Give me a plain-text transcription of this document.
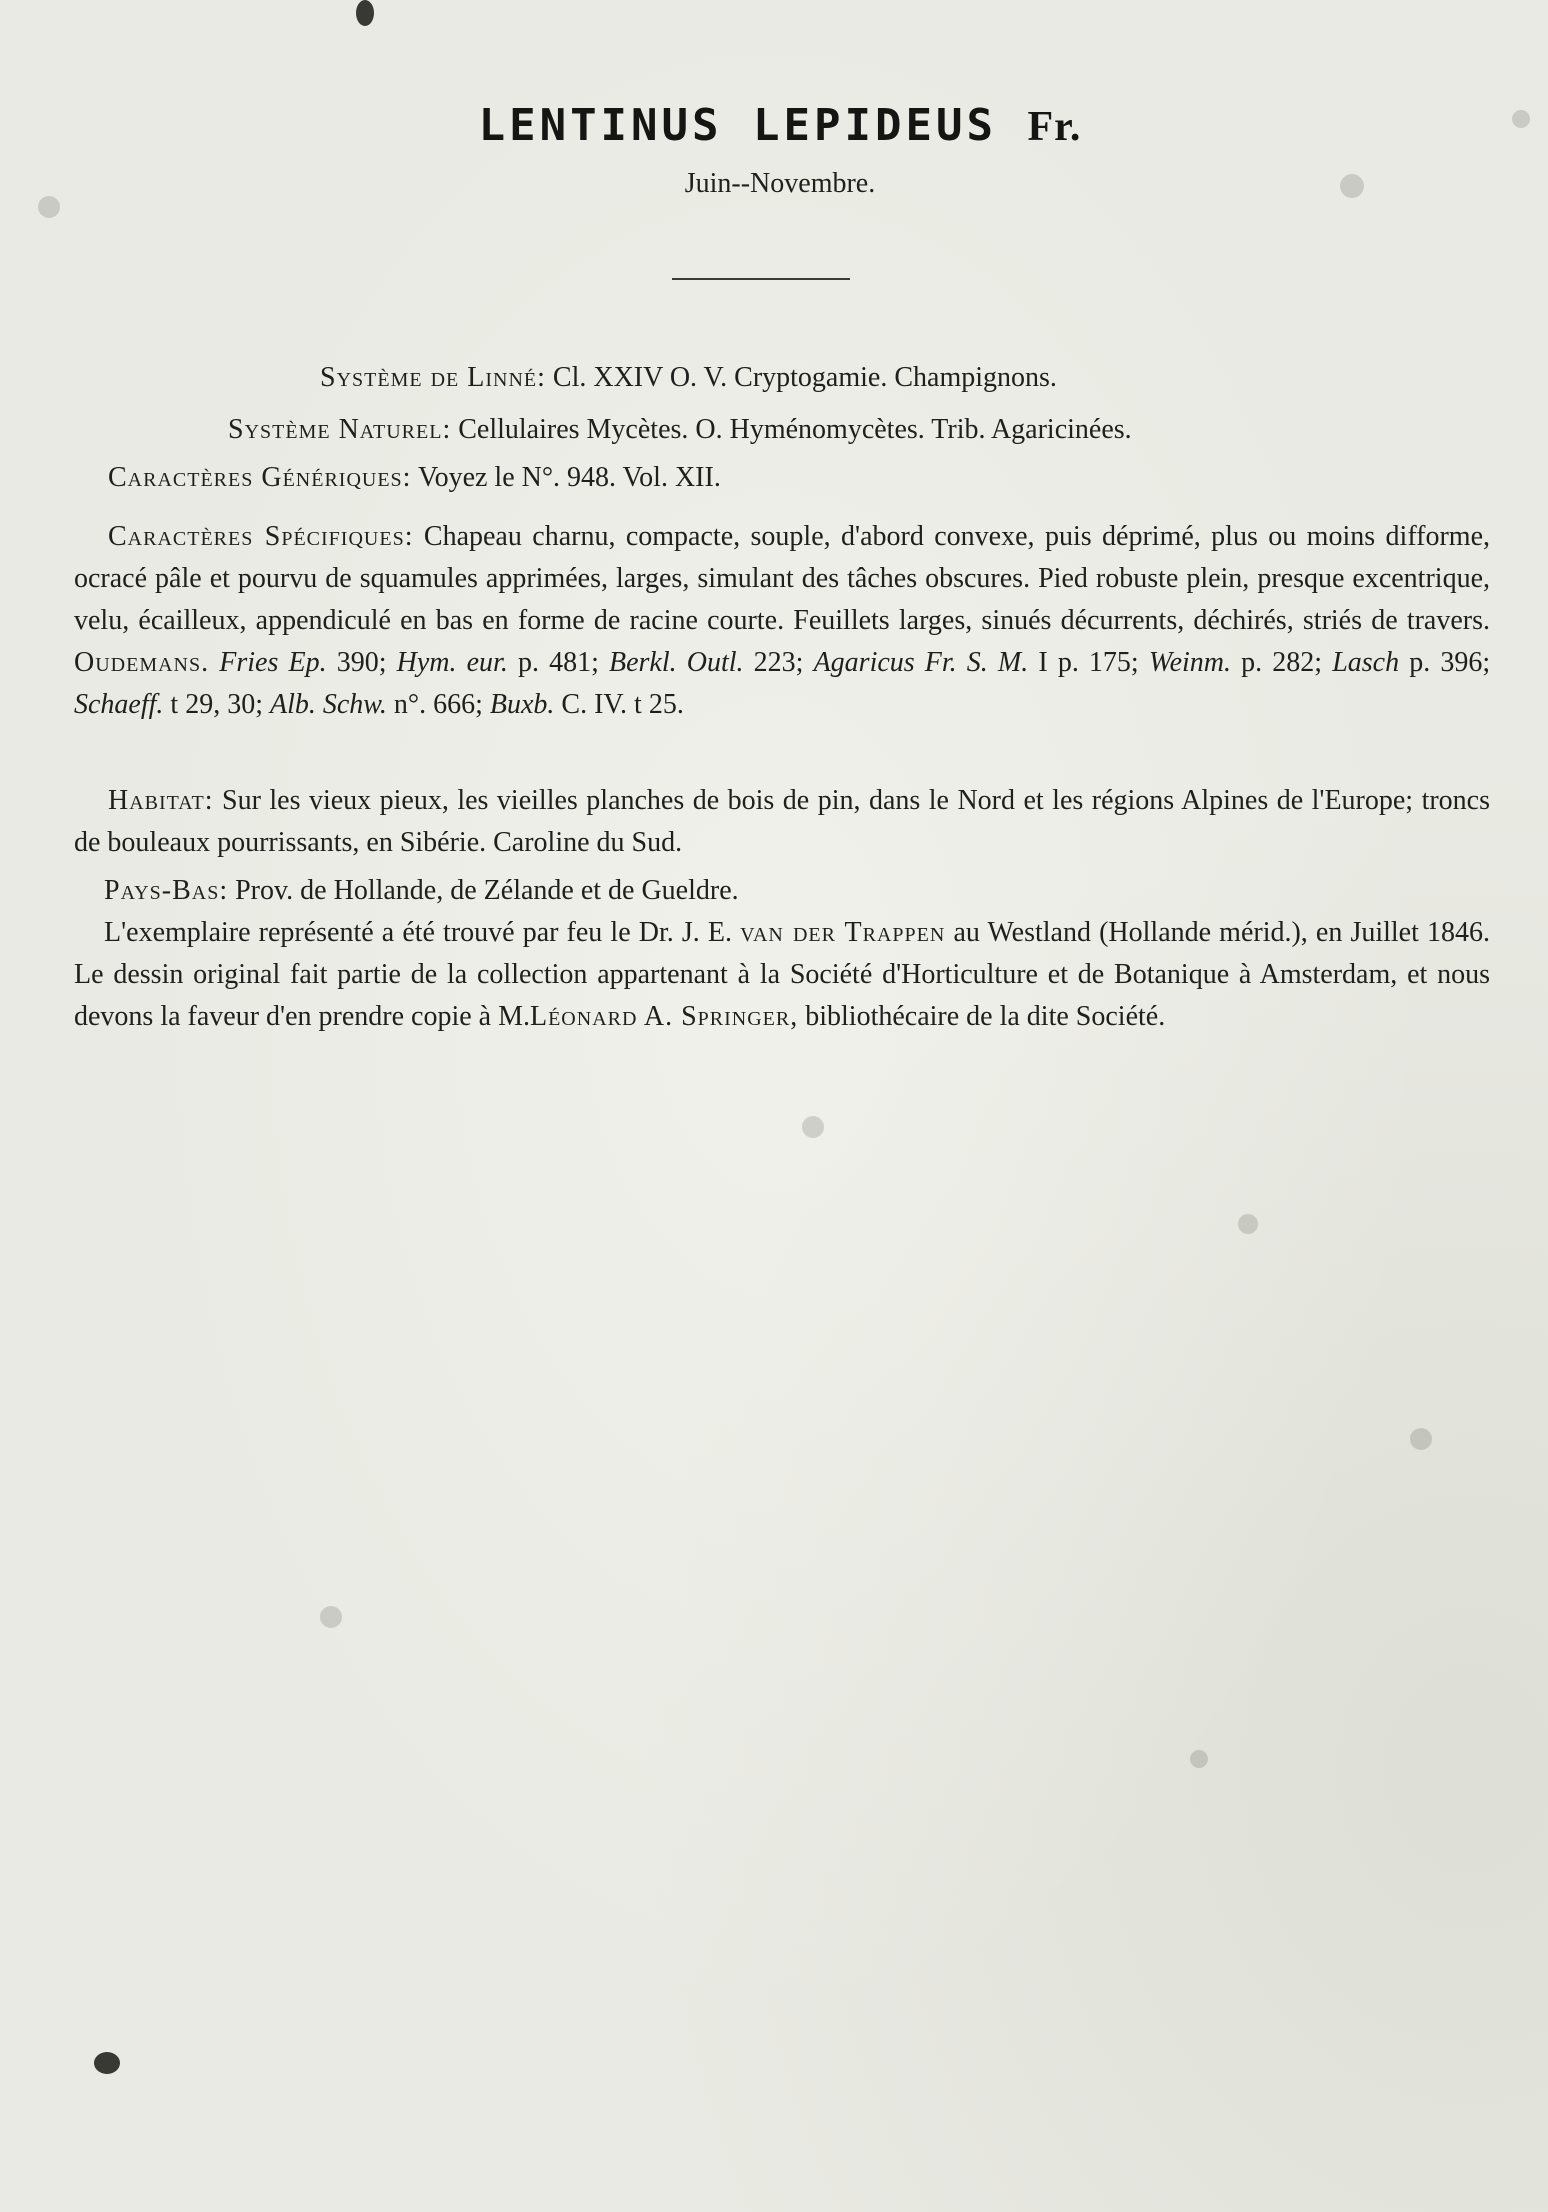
LENTINUS LEPIDEUS Fr.
Juin--Novembre.
Système de Linné: Cl. XXIV O. V. Cryptogamie. Champignons.
Système Naturel: Cellulaires Mycètes. O. Hyménomycètes. Trib. Agaricinées.
Caractères Génériques: Voyez le N°. 948. Vol. XII.
Caractères Spécifiques: Chapeau charnu, compacte, souple, d'abord convexe, puis déprimé, plus ou moins difforme, ocracé pâle et pourvu de squamules apprimées, larges, simulant des tâches obscures. Pied robuste plein, presque excentrique, velu, écailleux, appendiculé en bas en forme de racine courte. Feuillets larges, sinués décurrents, déchirés, striés de travers. Oudemans. Fries Ep. 390; Hym. eur. p. 481; Berkl. Outl. 223; Agaricus Fr. S. M. I p. 175; Weinm. p. 282; Lasch p. 396; Schaeff. t 29, 30; Alb. Schw. n°. 666; Buxb. C. IV. t 25.
Habitat: Sur les vieux pieux, les vieilles planches de bois de pin, dans le Nord et les régions Alpines de l'Europe; troncs de bouleaux pourrissants, en Sibérie. Caroline du Sud.
Pays-Bas: Prov. de Hollande, de Zélande et de Gueldre.
L'exemplaire représenté a été trouvé par feu le Dr. J. E. van der Trappen au Westland (Hollande mérid.), en Juillet 1846. Le dessin original fait partie de la collection appartenant à la Société d'Horticulture et de Botanique à Amsterdam, et nous devons la faveur d'en prendre copie à M.Léonard A. Springer, bibliothécaire de la dite Société.
